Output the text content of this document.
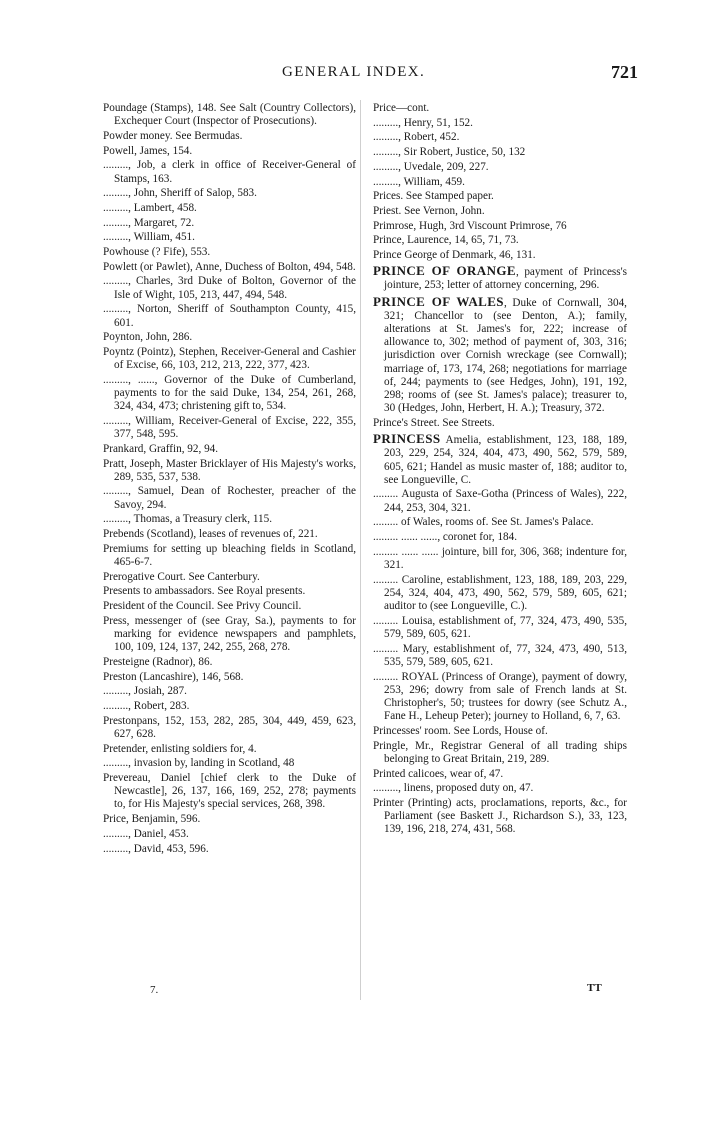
GENERAL INDEX.	721
Poundage (Stamps), 148. See Salt (Country Collectors), Exchequer Court (Inspector of Prosecutions).
Powder money. See Bermudas.
Powell, James, 154.
........., Job, a clerk in office of Receiver-General of Stamps, 163.
........., John, Sheriff of Salop, 583.
........., Lambert, 458.
........., Margaret, 72.
........., William, 451.
Powhouse (? Fife), 553.
Powlett (or Pawlet), Anne, Duchess of Bolton, 494, 548.
........., Charles, 3rd Duke of Bolton, Governor of the Isle of Wight, 105, 213, 447, 494, 548.
........., Norton, Sheriff of Southampton County, 415, 601.
Poynton, John, 286.
Poyntz (Pointz), Stephen, Receiver-General and Cashier of Excise, 66, 103, 212, 213, 222, 377, 423.
........., ......, Governor of the Duke of Cumberland, payments to for the said Duke, 134, 254, 261, 268, 324, 434, 473; christening gift to, 534.
........., William, Receiver-General of Excise, 222, 355, 377, 548, 595.
Prankard, Graffin, 92, 94.
Pratt, Joseph, Master Bricklayer of His Majesty's works, 289, 535, 537, 538.
........., Samuel, Dean of Rochester, preacher of the Savoy, 294.
........., Thomas, a Treasury clerk, 115.
Prebends (Scotland), leases of revenues of, 221.
Premiums for setting up bleaching fields in Scotland, 465-6-7.
Prerogative Court. See Canterbury.
Presents to ambassadors. See Royal presents.
President of the Council. See Privy Council.
Press, messenger of (see Gray, Sa.), payments to for marking for evidence newspapers and pamphlets, 100, 109, 124, 137, 242, 255, 268, 278.
Presteigne (Radnor), 86.
Preston (Lancashire), 146, 568.
........., Josiah, 287.
........., Robert, 283.
Prestonpans, 152, 153, 282, 285, 304, 449, 459, 623, 627, 628.
Pretender, enlisting soldiers for, 4.
........., invasion by, landing in Scotland, 48
Prevereau, Daniel [chief clerk to the Duke of Newcastle], 26, 137, 166, 169, 252, 278; payments to, for His Majesty's special services, 268, 398.
Price, Benjamin, 596.
........., Daniel, 453.
........., David, 453, 596.
Price—cont.
........., Henry, 51, 152.
........., Robert, 452.
........., Sir Robert, Justice, 50, 132
........., Uvedale, 209, 227.
........., William, 459.
Prices. See Stamped paper.
Priest. See Vernon, John.
Primrose, Hugh, 3rd Viscount Primrose, 76
Prince, Laurence, 14, 65, 71, 73.
Prince George of Denmark, 46, 131.
PRINCE OF ORANGE, payment of Princess's jointure, 253; letter of attorney concerning, 296.
PRINCE OF WALES, Duke of Cornwall, 304, 321; Chancellor to (see Denton, A.); family, alterations at St. James's for, 222; increase of allowance to, 302; method of payment of, 303, 316; jurisdiction over Cornish wreckage (see Cornwall); marriage of, 173, 174, 268; negotiations for marriage of, 244; payments to (see Hedges, John), 191, 192, 298; rooms of (see St. James's palace); treasurer to, 30 (Hedges, John, Herbert, H. A.); Treasury, 372.
Prince's Street. See Streets.
PRINCESS Amelia, establishment, 123, 188, 189, 203, 229, 254, 324, 404, 473, 490, 562, 579, 589, 605, 621; Handel as music master of, 188; auditor to, see Longueville, C.
......... Augusta of Saxe-Gotha (Princess of Wales), 222, 244, 253, 304, 321.
......... of Wales, rooms of. See St. James's Palace.
......... ...... ......, coronet for, 184.
......... ...... ...... jointure, bill for, 306, 368; indenture for, 321.
......... Caroline, establishment, 123, 188, 189, 203, 229, 254, 324, 404, 473, 490, 562, 579, 589, 605, 621; auditor to (see Longueville, C.).
......... Louisa, establishment of, 77, 324, 473, 490, 535, 579, 589, 605, 621.
......... Mary, establishment of, 77, 324, 473, 490, 513, 535, 579, 589, 605, 621.
......... ROYAL (Princess of Orange), payment of dowry, 253, 296; dowry from sale of French lands at St. Christopher's, 50; trustees for dowry (see Schutz A., Fane H., Leheup Peter); journey to Holland, 6, 7, 63.
Princesses' room. See Lords, House of.
Pringle, Mr., Registrar General of all trading ships belonging to Great Britain, 219, 289.
Printed calicoes, wear of, 47.
........., linens, proposed duty on, 47.
Printer (Printing) acts, proclamations, reports, &c., for Parliament (see Baskett J., Richardson S.), 33, 123, 139, 196, 218, 274, 431, 568.
7.	TT
